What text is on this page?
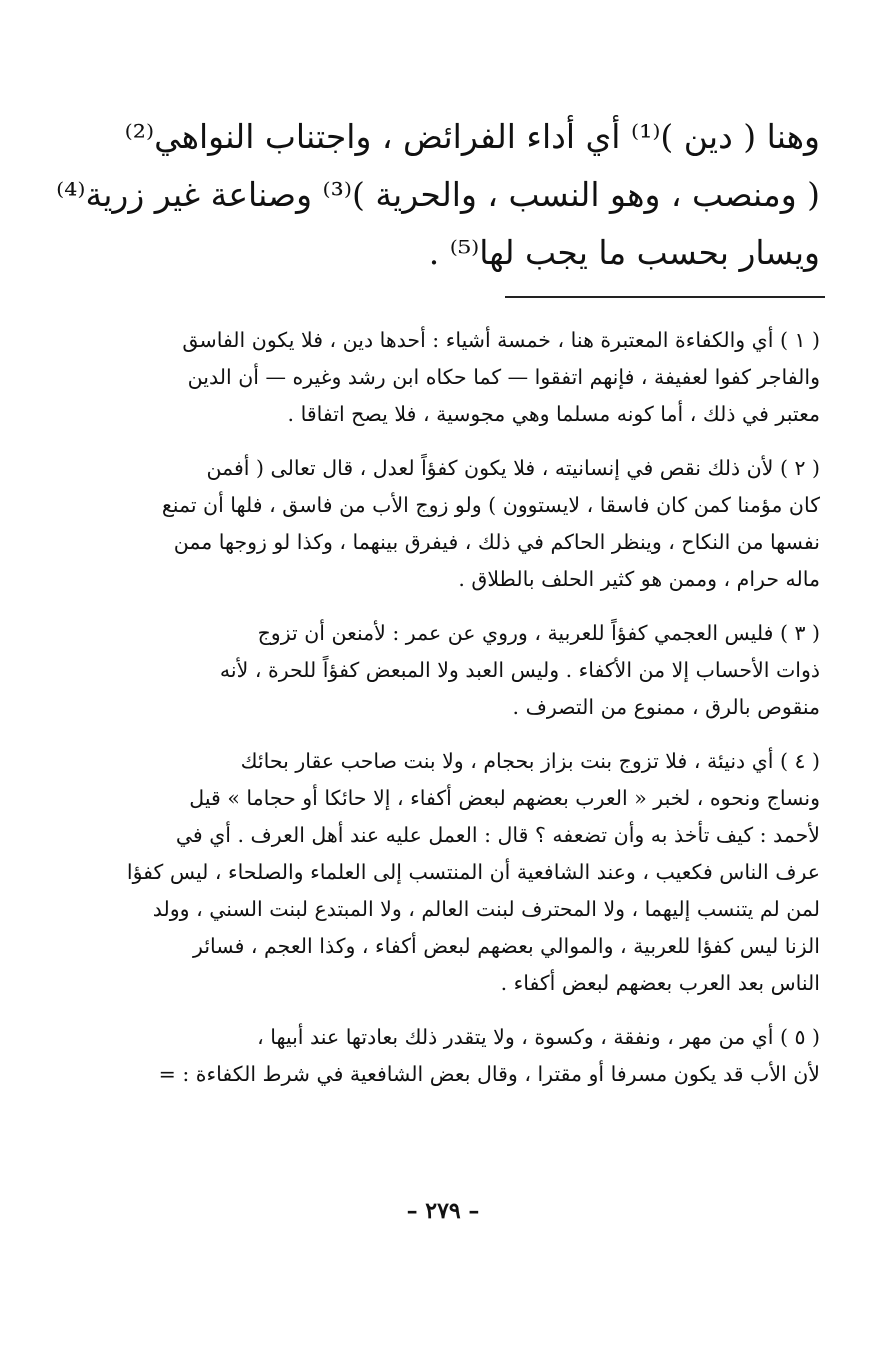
وهنا ( دين )⁽¹⁾ أي أداء الفرائض ، واجتناب النواهي⁽²⁾
( ومنصب ، وهو النسب ، والحرية )⁽³⁾ وصناعة غير زرية⁽⁴⁾
ويسار بحسب ما يجب لها⁽⁵⁾ .
( ١ ) أي والكفاءة المعتبرة هنا ، خمسة أشياء : أحدها دين ، فلا يكون الفاسق
والفاجر كفوا لعفيفة ، فإنهم اتفقوا — كما حكاه ابن رشد وغيره — أن الدين
معتبر في ذلك ، أما كونه مسلما وهي مجوسية ، فلا يصح اتفاقا .
( ٢ ) لأن ذلك نقص في إنسانيته ، فلا يكون كفؤاً لعدل ، قال تعالى ( أفمن
كان مؤمنا كمن كان فاسقا ، لايستوون ) ولو زوج الأب من فاسق ، فلها أن تمنع
نفسها من النكاح ، وينظر الحاكم في ذلك ، فيفرق بينهما ، وكذا لو زوجها ممن
ماله حرام ، وممن هو كثير الحلف بالطلاق .
( ٣ ) فليس العجمي كفؤاً للعربية ، وروي عن عمر : لأمنعن أن تزوج
ذوات الأحساب إلا من الأكفاء . وليس العبد ولا المبعض كفؤاً للحرة ، لأنه
منقوص بالرق ، ممنوع من التصرف .
( ٤ ) أي دنيئة ، فلا تزوج بنت بزاز بحجام ، ولا بنت صاحب عقار بحائك
ونساج ونحوه ، لخبر « العرب بعضهم لبعض أكفاء ، إلا حائكا أو حجاما » قيل
لأحمد : كيف تأخذ به وأن تضعفه ؟ قال : العمل عليه عند أهل العرف . أي في
عرف الناس فكعيب ، وعند الشافعية أن المنتسب إلى العلماء والصلحاء ، ليس كفؤا
لمن لم يتنسب إليهما ، ولا المحترف لبنت العالم ، ولا المبتدع لبنت السني ، وولد
الزنا ليس كفؤا للعربية ، والموالي بعضهم لبعض أكفاء ، وكذا العجم ، فسائر
الناس بعد العرب بعضهم لبعض أكفاء .
( ٥ ) أي من مهر ، ونفقة ، وكسوة ، ولا يتقدر ذلك بعادتها عند أبيها ،
لأن الأب قد يكون مسرفا أو مقترا ، وقال بعض الشافعية في شرط الكفاءة : =
– ٢٧٩ –
